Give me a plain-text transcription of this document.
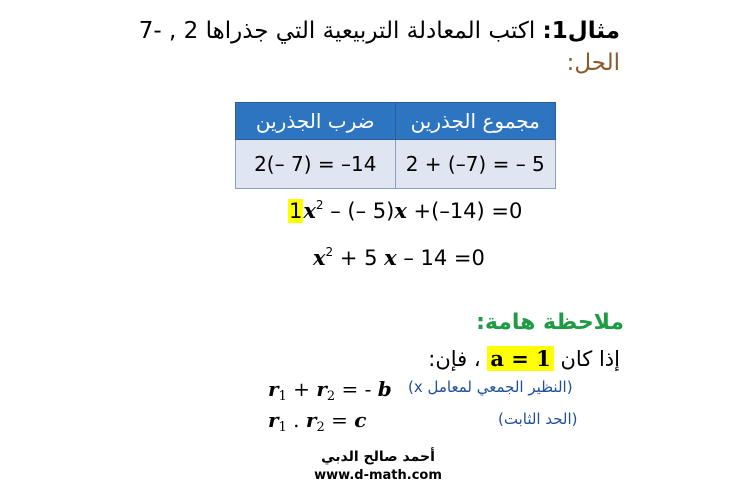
مثال1: اكتب المعادلة التربيعية التي جذراها 7- , 2
الحل:
ضرب الجذرين	مجموع الجذرين
2(– 7) = –14	2 + (–7) = – 5
$1x^2$ – (– 5)x +(–14) =0
$x^2 + 5$ x – 14 =0
ملاحظة هامة:
إذا كان a = 1 ، فإن:
$r_1 + r_2$ = - b (النظير الجمعي لمعامل x)
$r_1$ . $r_2 = c$	(الحد الثابت)
أحمد صالح الدبي
www.d-math.com
